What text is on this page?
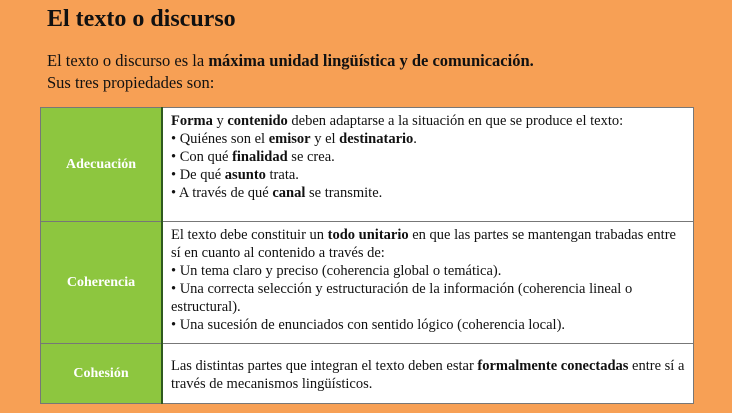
El texto o discurso
El texto o discurso es la máxima unidad lingüística y de comunicación.
Sus tres propiedades son:
Adecuación	Forma y contenido deben adaptarse a la situación en que se produce el texto:

• Quiénes son el emisor y el destinatario.

• Con qué finalidad se crea.

• De qué asunto trata.

• A través de qué canal se transmite.

Coherencia	El texto debe constituir un todo unitario en que las partes se mantengan trabadas entre sí en cuanto al contenido a través de:

• Un tema claro y preciso (coherencia global o temática).

• Una correcta selección y estructuración de la información (coherencia lineal o estructural).

• Una sucesión de enunciados con sentido lógico (coherencia local).

Cohesión	Las distintas partes que integran el texto deben estar formalmente conectadas entre sí a través de mecanismos lingüísticos.
